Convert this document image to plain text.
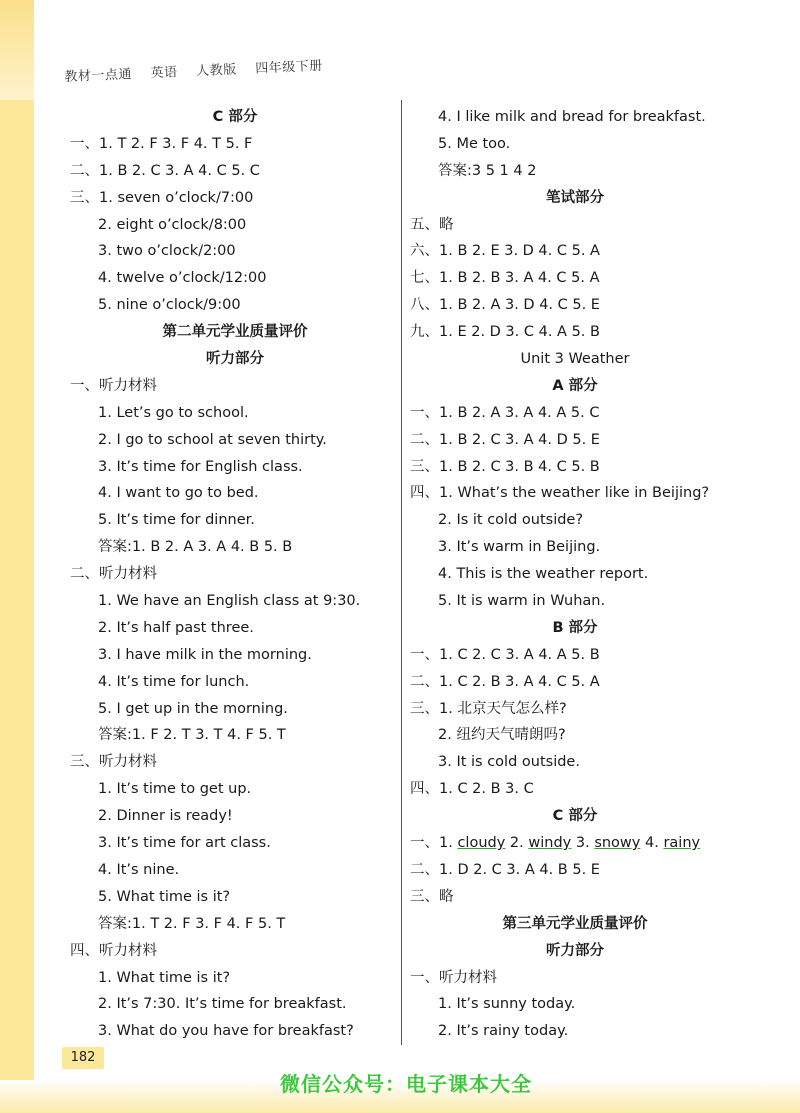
教材一点通 英语 人教版 四年级下册
C 部分
一、1. T 2. F 3. F 4. T 5. F
二、1. B 2. C 3. A 4. C 5. C
三、1. seven o’clock/7:00
2. eight o’clock/8:00
3. two o’clock/2:00
4. twelve o’clock/12:00
5. nine o’clock/9:00
第二单元学业质量评价
听力部分
一、听力材料
1. Let’s go to school.
2. I go to school at seven thirty.
3. It’s time for English class.
4. I want to go to bed.
5. It’s time for dinner.
答案:1. B 2. A 3. A 4. B 5. B
二、听力材料
1. We have an English class at 9:30.
2. It’s half past three.
3. I have milk in the morning.
4. It’s time for lunch.
5. I get up in the morning.
答案:1. F 2. T 3. T 4. F 5. T
三、听力材料
1. It’s time to get up.
2. Dinner is ready!
3. It’s time for art class.
4. It’s nine.
5. What time is it?
答案:1. T 2. F 3. F 4. F 5. T
四、听力材料
1. What time is it?
2. It’s 7:30. It’s time for breakfast.
3. What do you have for breakfast?
4. I like milk and bread for breakfast.
5. Me too.
答案:3 5 1 4 2
笔试部分
五、略
六、1. B 2. E 3. D 4. C 5. A
七、1. B 2. B 3. A 4. C 5. A
八、1. B 2. A 3. D 4. C 5. E
九、1. E 2. D 3. C 4. A 5. B
Unit 3 Weather
A 部分
一、1. B 2. A 3. A 4. A 5. C
二、1. B 2. C 3. A 4. D 5. E
三、1. B 2. C 3. B 4. C 5. B
四、1. What’s the weather like in Beijing?
2. Is it cold outside?
3. It’s warm in Beijing.
4. This is the weather report.
5. It is warm in Wuhan.
B 部分
一、1. C 2. C 3. A 4. A 5. B
二、1. C 2. B 3. A 4. C 5. A
三、1. 北京天气怎么样?
2. 纽约天气晴朗吗?
3. It is cold outside.
四、1. C 2. B 3. C
C 部分
一、1. cloudy 2. windy 3. snowy 4. rainy
二、1. D 2. C 3. A 4. B 5. E
三、略
第三单元学业质量评价
听力部分
一、听力材料
1. It’s sunny today.
2. It’s rainy today.
182
微信公众号：电子课本大全
